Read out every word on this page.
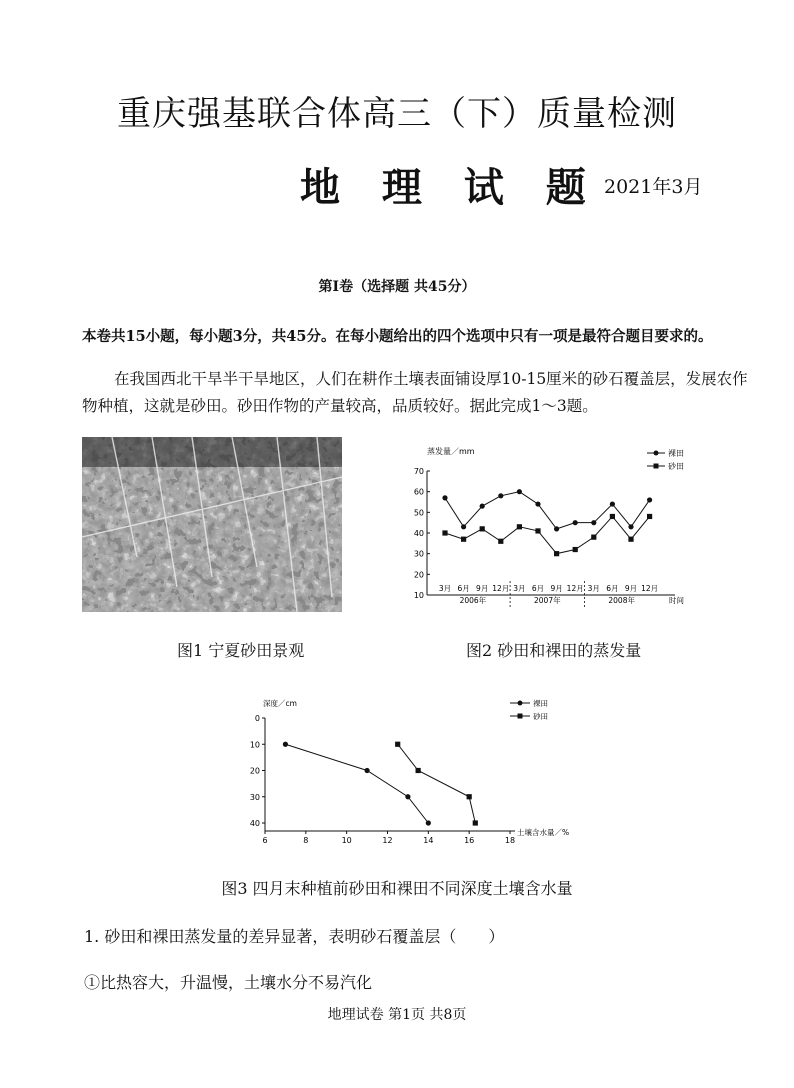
重庆强基联合体高三（下）质量检测
地 理 试 题 2021年3月
第Ⅰ卷（选择题 共45分）
本卷共15小题，每小题3分，共45分。在每小题给出的四个选项中只有一项是最符合题目要求的。
在我国西北干旱半干旱地区，人们在耕作土壤表面铺设厚10-15厘米的砂石覆盖层，发展农作物种植，这就是砂田。砂田作物的产量较高，品质较好。据此完成1～3题。
蒸发量／mm	裸田
砂田
10
20
30
40
50
60
70
3月 6月 9月 12月 3月 6月 9月 12月 3月 6月 9月 12月
2006年	2007年	2008年	时间
图1 宁夏砂田景观	图2 砂田和裸田的蒸发量
深度／cm	裸田
砂田
土壤含水量／%
0
10
20
30
40
6	8	10	12	14	16	18
图3 四月末种植前砂田和裸田不同深度土壤含水量
1. 砂田和裸田蒸发量的差异显著，表明砂石覆盖层（　　）
①比热容大，升温慢，土壤水分不易汽化
地理试卷 第1页 共8页
